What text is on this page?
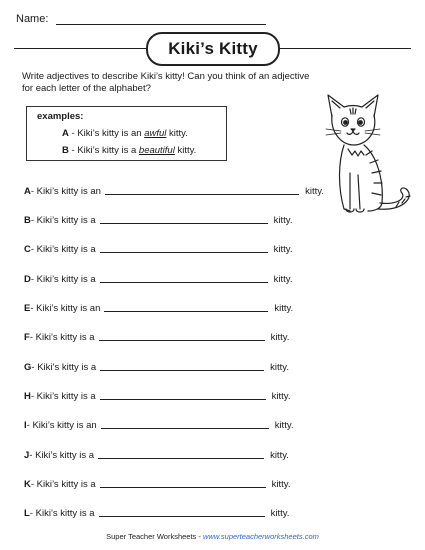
Name:
Kiki’s Kitty
Write adjectives to describe Kiki’s kitty! Can you think of an adjective for each letter of the alphabet?
examples:
A - Kiki’s kitty is an awful kitty.
B - Kiki’s kitty is a beautiful kitty.
A - Kiki’s kitty is an	kitty.
B - Kiki’s kitty is a	kitty.
C - Kiki’s kitty is a	kitty.
D - Kiki’s kitty is a	kitty.
E - Kiki’s kitty is an	kitty.
F - Kiki’s kitty is a	kitty.
G - Kiki’s kitty is a	kitty.
H - Kiki’s kitty is a	kitty.
I - Kiki’s kitty is an	kitty.
J - Kiki’s kitty is a	kitty.
K - Kiki’s kitty is a	kitty.
L - Kiki’s kitty is a	kitty.
Super Teacher Worksheets - www.superteacherworksheets.com
